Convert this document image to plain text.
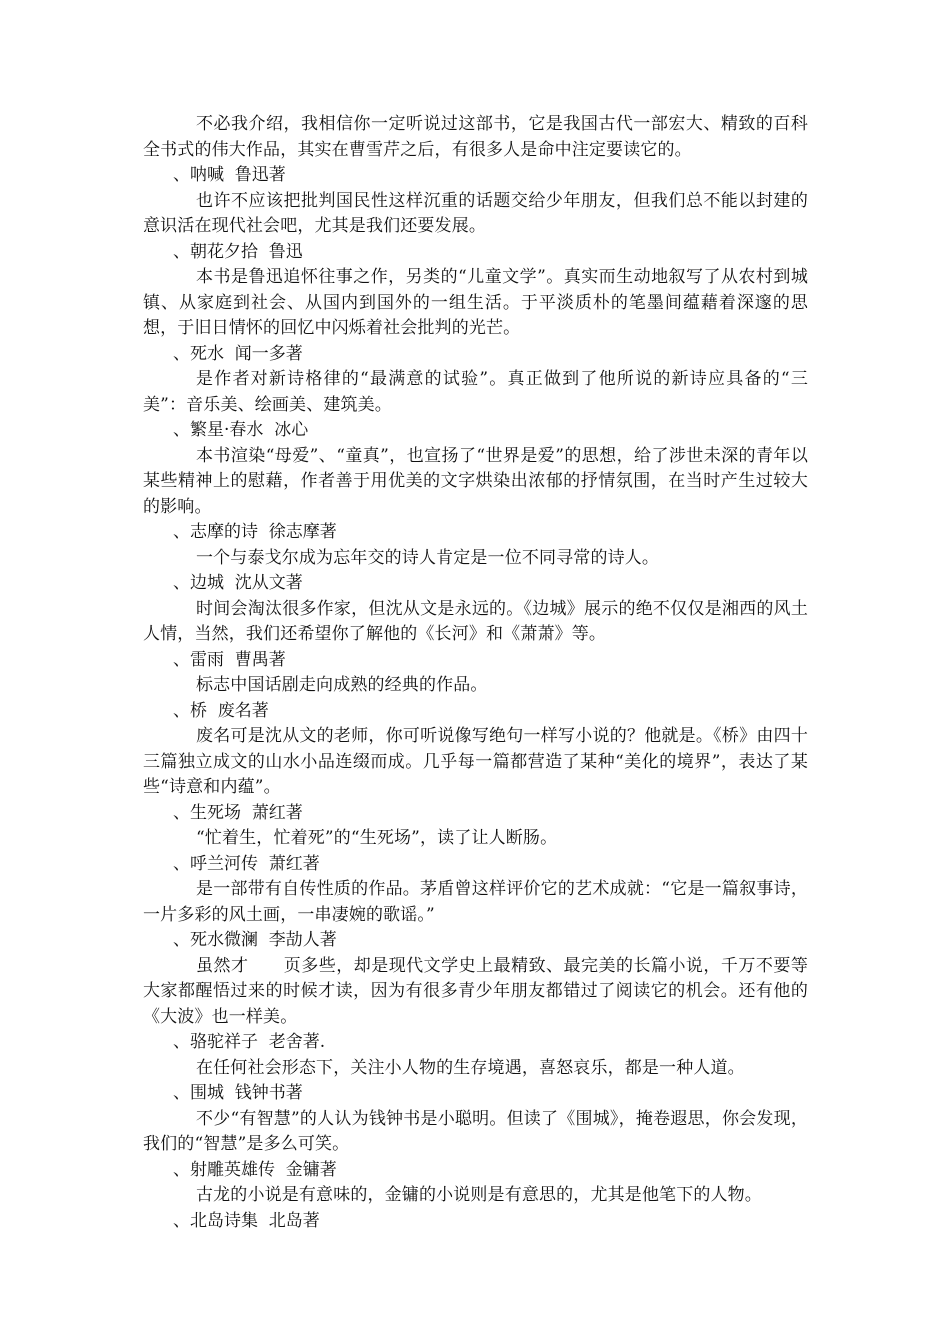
不必我介绍，我相信你一定听说过这部书，它是我国古代一部宏大、精致的百科全书式的伟大作品，其实在曹雪芹之后，有很多人是命中注定要读它的。

、呐喊  鲁迅著

也许不应该把批判国民性这样沉重的话题交给少年朋友，但我们总不能以封建的意识活在现代社会吧，尤其是我们还要发展。

、朝花夕拾  鲁迅

本书是鲁迅追怀往事之作，另类的“儿童文学”。真实而生动地叙写了从农村到城镇、从家庭到社会、从国内到国外的一组生活。于平淡质朴的笔墨间蕴藉着深邃的思想，于旧日情怀的回忆中闪烁着社会批判的光芒。

、死水  闻一多著

是作者对新诗格律的“最满意的试验”。真正做到了他所说的新诗应具备的“三美”：音乐美、绘画美、建筑美。

、繁星·春水  冰心

本书渲染“母爱”、“童真”，也宣扬了“世界是爱”的思想，给了涉世未深的青年以某些精神上的慰藉，作者善于用优美的文字烘染出浓郁的抒情氛围，在当时产生过较大的影响。

、志摩的诗  徐志摩著

一个与泰戈尔成为忘年交的诗人肯定是一位不同寻常的诗人。

、边城  沈从文著

时间会淘汰很多作家，但沈从文是永远的。《边城》展示的绝不仅仅是湘西的风土人情，当然，我们还希望你了解他的《长河》和《萧萧》等。

、雷雨  曹禺著

标志中国话剧走向成熟的经典的作品。

、桥  废名著

废名可是沈从文的老师，你可听说像写绝句一样写小说的？他就是。《桥》由四十三篇独立成文的山水小品连缀而成。几乎每一篇都营造了某种“美化的境界”，表达了某些“诗意和内蕴”。

、生死场  萧红著

“忙着生，忙着死”的“生死场”，读了让人断肠。

、呼兰河传  萧红著

是一部带有自传性质的作品。茅盾曾这样评价它的艺术成就：“它是一篇叙事诗，一片多彩的风土画，一串凄婉的歌谣。”

、死水微澜  李劼人著

虽然才      页多些，却是现代文学史上最精致、最完美的长篇小说，千万不要等大家都醒悟过来的时候才读，因为有很多青少年朋友都错过了阅读它的机会。还有他的《大波》也一样美。

、骆驼祥子  老舍著.

在任何社会形态下，关注小人物的生存境遇，喜怒哀乐，都是一种人道。

、围城  钱钟书著

不少“有智慧”的人认为钱钟书是小聪明。但读了《围城》，掩卷遐思，你会发现，我们的“智慧”是多么可笑。

、射雕英雄传  金镛著

古龙的小说是有意味的，金镛的小说则是有意思的，尤其是他笔下的人物。

、北岛诗集  北岛著
